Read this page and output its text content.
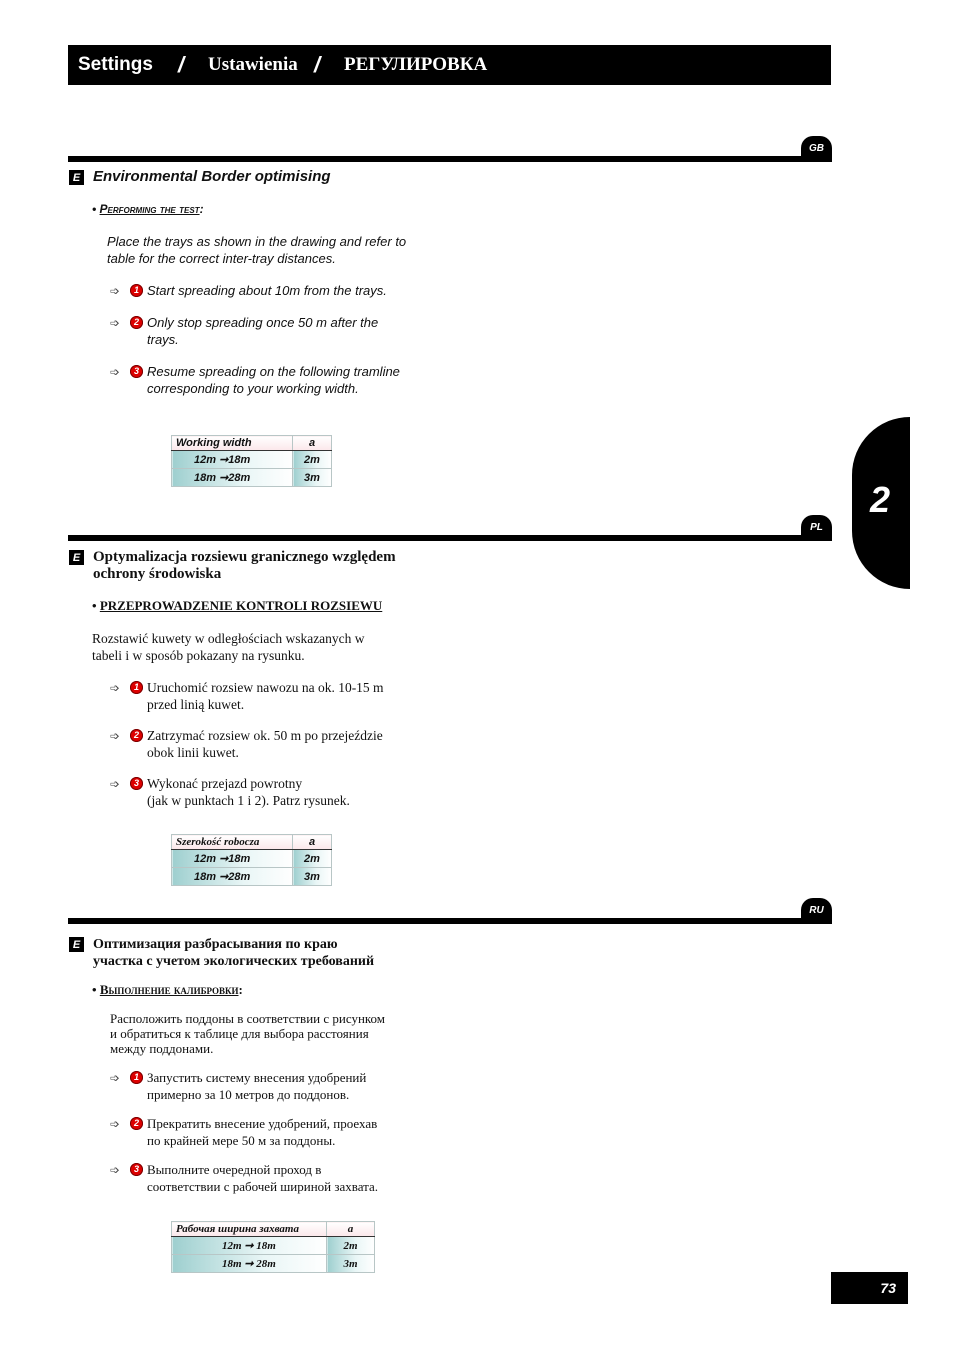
Settings / Ustawienia / РЕГУЛИРОВКА
2
GB
E Environmental Border optimising
• Performing the test:
Place the trays as shown in the drawing and refer to
table for the correct inter-tray distances.
➩	1 Start spreading about 10m from the trays.
➩	2 Only stop spreading once 50 m after the
trays.
➩	3 Resume spreading on the following tramline
corresponding to your working width.
Working width	a
12m ➞18m	2m
18m ➞28m	3m
PL
E Optymalizacja rozsiewu granicznego względem
ochrony środowiska
• PRZEPROWADZENIE KONTROLI ROZSIEWU
Rozstawić kuwety w odległościach wskazanych w
tabeli i w sposób pokazany na rysunku.
➩	1 Uruchomić rozsiew nawozu na ok. 10-15 m
przed linią kuwet.
➩	2 Zatrzymać rozsiew ok. 50 m po przejeździe
obok linii kuwet.
➩	3 Wykonać przejazd powrotny
(jak w punktach 1 i 2). Patrz rysunek.
Szerokość robocza	a
12m ➞18m	2m
18m ➞28m	3m
RU
E Оптимизация разбрасывания по краю
участка с учетом экологических требований
• Выполнение калибровки:
Расположить поддоны в соответствии с рисунком
и обратиться к таблице для выбора расстояния
между поддонами.
➩	1 Запустить систему внесения удобрений
примерно за 10 метров до поддонов.
➩	2 Прекратить внесение удобрений, проехав
по крайней мере 50 м за поддоны.
➩	3 Выполните очередной проход в
соответствии с рабочей шириной захвата.
Рабочая ширина захвата	a
12m ➞ 18m	2m
18m ➞ 28m	3m
73
